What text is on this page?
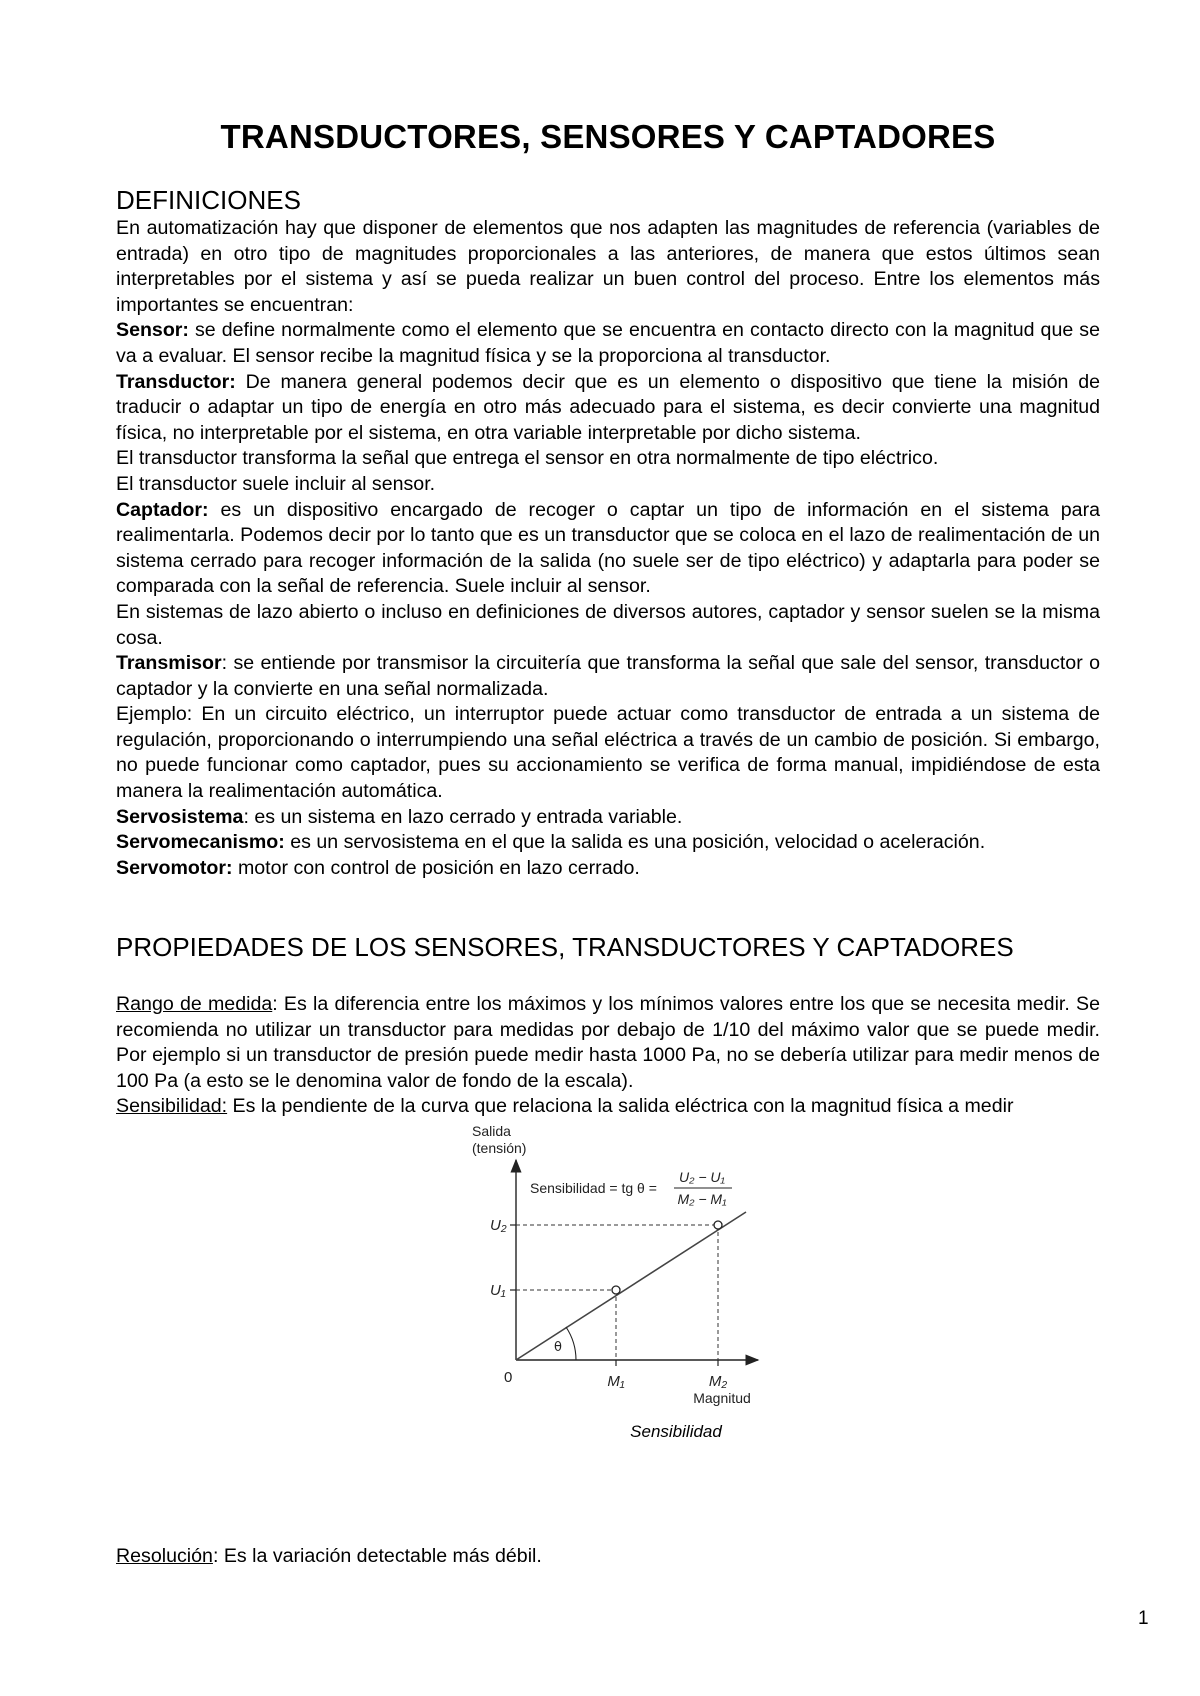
TRANSDUCTORES, SENSORES Y CAPTADORES
DEFINICIONES

En automatización hay que disponer de elementos que nos adapten las magnitudes de referencia (variables de entrada) en otro tipo de magnitudes proporcionales a las anteriores, de manera que estos últimos sean interpretables por el sistema y así se pueda realizar un buen control del proceso. Entre los elementos más importantes se encuentran:

Sensor: se define normalmente como el elemento que se encuentra en contacto directo con la magnitud que se va a evaluar. El sensor recibe la magnitud física y se la proporciona al transductor.

Transductor: De manera general podemos decir que es un elemento o dispositivo que tiene la misión de traducir o adaptar un tipo de energía en otro más adecuado para el sistema, es decir convierte una magnitud física, no interpretable por el sistema, en otra variable interpretable por dicho sistema.

El transductor transforma la señal que entrega el sensor en otra normalmente de tipo eléctrico.

El transductor suele incluir al sensor.

Captador: es un dispositivo encargado de recoger o captar un tipo de información en el sistema para realimentarla. Podemos decir por lo tanto que es un transductor que se coloca en el lazo de realimentación de un sistema cerrado para recoger información de la salida (no suele ser de tipo eléctrico) y adaptarla para poder se comparada con la señal de referencia. Suele incluir al sensor.

En sistemas de lazo abierto o incluso en definiciones de diversos autores, captador y sensor suelen se la misma cosa.

Transmisor: se entiende por transmisor la circuitería que transforma la señal que sale del sensor, transductor o captador y la convierte en una señal normalizada.

Ejemplo: En un circuito eléctrico, un interruptor puede actuar como transductor de entrada a un sistema de regulación, proporcionando o interrumpiendo una señal eléctrica a través de un cambio de posición. Si embargo, no puede funcionar como captador, pues su accionamiento se verifica de forma manual, impidiéndose de esta manera la realimentación automática.

Servosistema: es un sistema en lazo cerrado y entrada variable.

Servomecanismo: es un servosistema en el que la salida es una posición, velocidad o aceleración.

Servomotor: motor con control de posición en lazo cerrado.

PROPIEDADES DE LOS SENSORES, TRANSDUCTORES Y CAPTADORES

Rango de medida: Es la diferencia entre los máximos y los mínimos valores entre los que se necesita medir. Se recomienda no utilizar un transductor para medidas por debajo de 1/10 del máximo valor que se puede medir. Por ejemplo si un transductor de presión puede medir hasta 1000 Pa, no se debería utilizar para medir menos de 100 Pa (a esto se le denomina valor de fondo de la escala).

Sensibilidad: Es la pendiente de la curva que relaciona la salida eléctrica con la magnitud física a medir

Salida
(tensión)
Sensibilidad = tg θ =
U₂ − U₁
M₂ − M₁
U₂
U₁
0
θ
M₁	M₂
Magnitud

Sensibilidad

Resolución: Es la variación detectable más débil.

1
